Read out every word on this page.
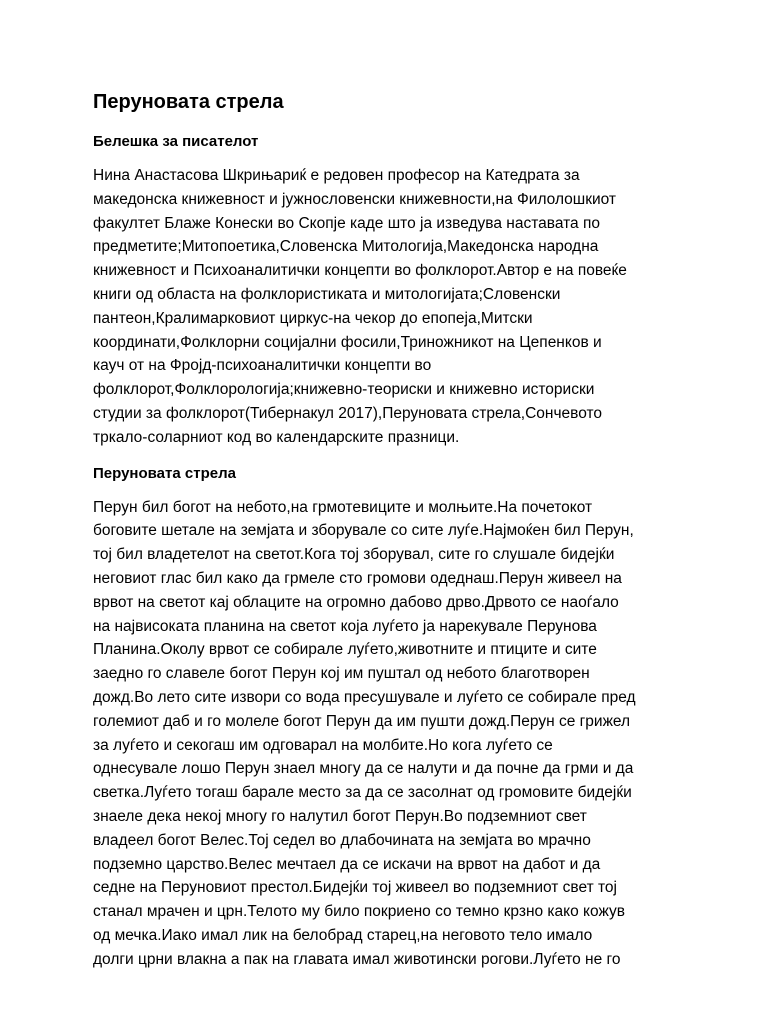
Перуновата стрела
Белешка за писателот

Нина Анастасова Шкрињариќ е редовен професор на Катедрата за
македонска книжевност и јужнословенски книжевности,на Филолошкиот
факултет Блаже Конески во Скопје каде што ја изведува наставата по
предметите;Митопоетика,Словенска Митологија,Македонска народна
книжевност и Психоаналитички концепти во фолклорот.Автор е на повеќе
книги од областа на фолклористиката и митологијата;Словенски
пантеон,Кралимарковиот циркус-на чекор до епопеја,Митски
координати,Фолклорни социјални фосили,Триножникот на Цепенков и
кауч от на Фројд-психоаналитички концепти во
фолклорот,Фолклорологија;книжевно-теориски и книжевно историски
студии за фолклорот(Тибернакул 2017),Перуновата стрела,Сончевото
тркало-соларниот код во календарските празници.

Перуновата стрела

Перун бил богот на небото,на грмотевиците и молњите.На почетокот
боговите шетале на земјата и зборувале со сите луѓе.Најмоќен бил Перун,
тој бил владетелот на светот.Кога тој зборувал, сите го слушале бидејќи
неговиот глас бил како да грмеле сто громови одеднаш.Перун живеел на
врвот на светот кај облаците на огромно дабово дрво.Дрвото се наоѓало
на највисоката планина на светот која луѓето ја нарекувале Перунова
Планина.Околу врвот се собирале луѓето,животните и птиците и сите
заедно го славеле богот Перун кој им пуштал од небото благотворен
дожд.Во лето сите извори со вода пресушувале и луѓето се собирале пред
големиот даб и го молеле богот Перун да им пушти дожд.Перун се грижел
за луѓето и секогаш им одговарал на молбите.Но кога луѓето се
однесувале лошо Перун знаел многу да се налути и да почне да грми и да
светка.Луѓето тогаш барале место за да се засолнат од громовите бидејќи
знаеле дека некој многу го налутил богот Перун.Во подземниот свет
владеел богот Велес.Тој седел во длабочината на земјата во мрачно
подземно царство.Велес мечтаел да се искачи на врвот на дабот и да
седне на Перуновиот престол.Бидејќи тој живеел во подземниот свет тој
станал мрачен и црн.Телото му било покриено со темно крзно како кожув
од мечка.Иако имал лик на белобрад старец,на неговото тело имало
долги црни влакна а пак на главата имал животински рогови.Луѓето не го
